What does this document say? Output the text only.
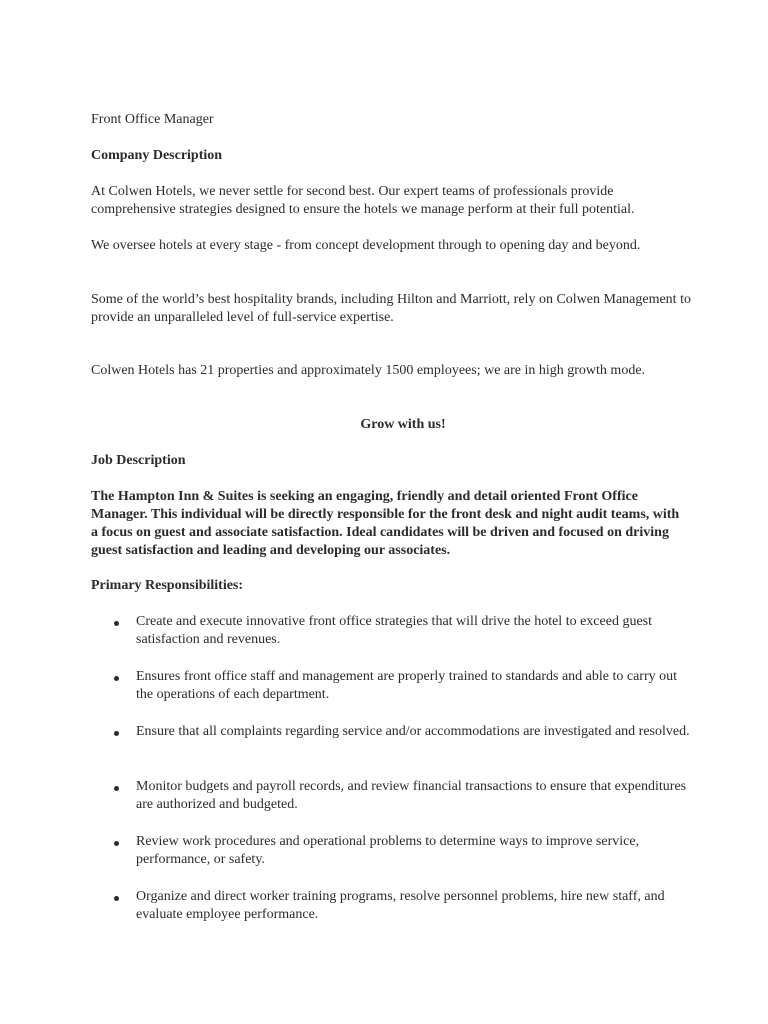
Front Office Manager

Company Description

At Colwen Hotels, we never settle for second best. Our expert teams of professionals provide comprehensive strategies designed to ensure the hotels we manage perform at their full potential.

We oversee hotels at every stage - from concept development through to opening day and beyond.

Some of the world’s best hospitality brands, including Hilton and Marriott, rely on Colwen Management to provide an unparalleled level of full-service expertise.

Colwen Hotels has 21 properties and approximately 1500 employees; we are in high growth mode.

Grow with us!

Job Description

The Hampton Inn & Suites is seeking an engaging, friendly and detail oriented Front Office Manager. This individual will be directly responsible for the front desk and night audit teams, with a focus on guest and associate satisfaction. Ideal candidates will be driven and focused on driving guest satisfaction and leading and developing our associates.

Primary Responsibilities:

Create and execute innovative front office strategies that will drive the hotel to exceed guest satisfaction and revenues.
Ensures front office staff and management are properly trained to standards and able to carry out the operations of each department.
Ensure that all complaints regarding service and/or accommodations are investigated and resolved.
Monitor budgets and payroll records, and review financial transactions to ensure that expenditures are authorized and budgeted.
Review work procedures and operational problems to determine ways to improve service, performance, or safety.
Organize and direct worker training programs, resolve personnel problems, hire new staff, and evaluate employee performance.
